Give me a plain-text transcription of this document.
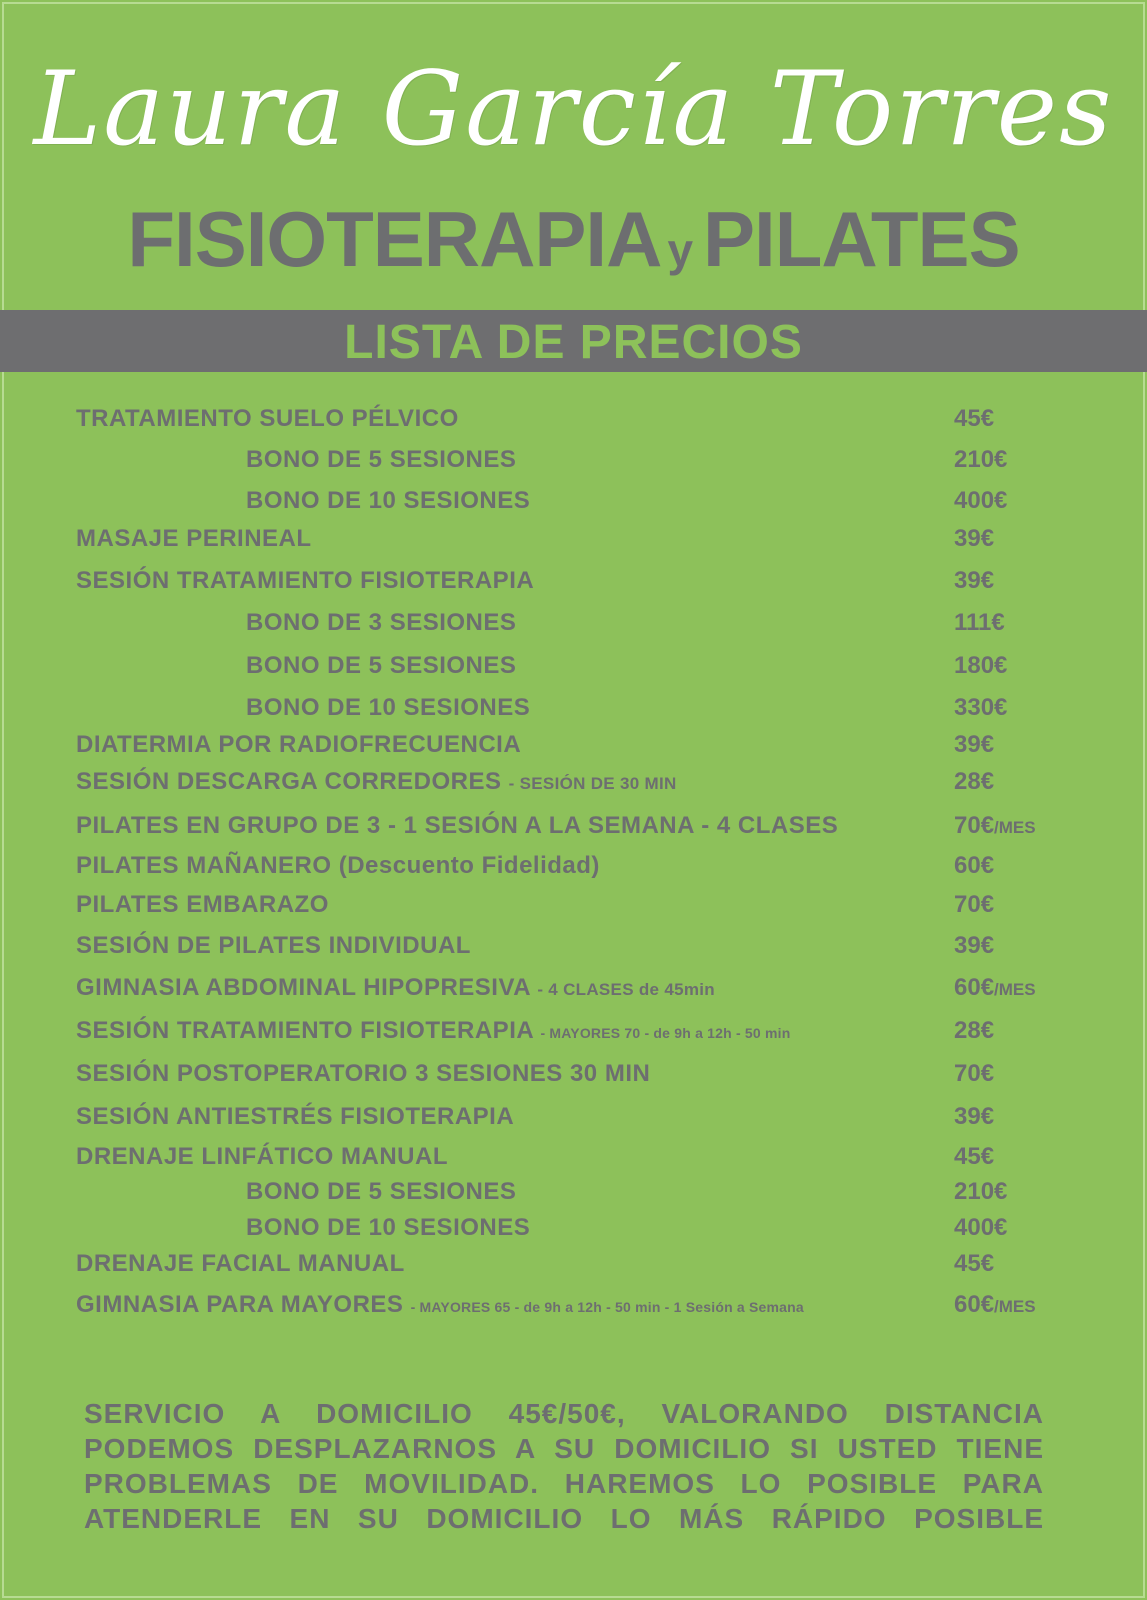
Laura García Torres
FISIOTERAPIA y PILATES
LISTA DE PRECIOS
TRATAMIENTO SUELO PÉLVICO	45€
BONO DE 5 SESIONES	210€
BONO DE 10 SESIONES	400€
MASAJE PERINEAL	39€
SESIÓN TRATAMIENTO FISIOTERAPIA	39€
BONO DE 3 SESIONES	111€
BONO DE 5 SESIONES	180€
BONO DE 10 SESIONES	330€
DIATERMIA POR RADIOFRECUENCIA	39€
SESIÓN DESCARGA CORREDORES - SESIÓN DE 30 MIN	28€
PILATES EN GRUPO DE 3 - 1 SESIÓN A LA SEMANA - 4 CLASES	70€/MES
PILATES MAÑANERO (Descuento Fidelidad)	60€
PILATES EMBARAZO	70€
SESIÓN DE PILATES INDIVIDUAL	39€
GIMNASIA ABDOMINAL HIPOPRESIVA - 4 CLASES de 45min	60€/MES
SESIÓN TRATAMIENTO FISIOTERAPIA - MAYORES 70 - de 9h a 12h - 50 min	28€
SESIÓN POSTOPERATORIO 3 SESIONES 30 MIN	70€
SESIÓN ANTIESTRÉS FISIOTERAPIA	39€
DRENAJE LINFÁTICO MANUAL	45€
BONO DE 5 SESIONES	210€
BONO DE 10 SESIONES	400€
DRENAJE FACIAL MANUAL	45€
GIMNASIA PARA MAYORES - MAYORES 65 - de 9h a 12h - 50 min - 1 Sesión a Semana	60€/MES
SERVICIO A DOMICILIO 45€/50€, VALORANDO DISTANCIA
PODEMOS DESPLAZARNOS A SU DOMICILIO SI USTED TIENE
PROBLEMAS DE MOVILIDAD. HAREMOS LO POSIBLE PARA
ATENDERLE EN SU DOMICILIO LO MÁS RÁPIDO POSIBLE
